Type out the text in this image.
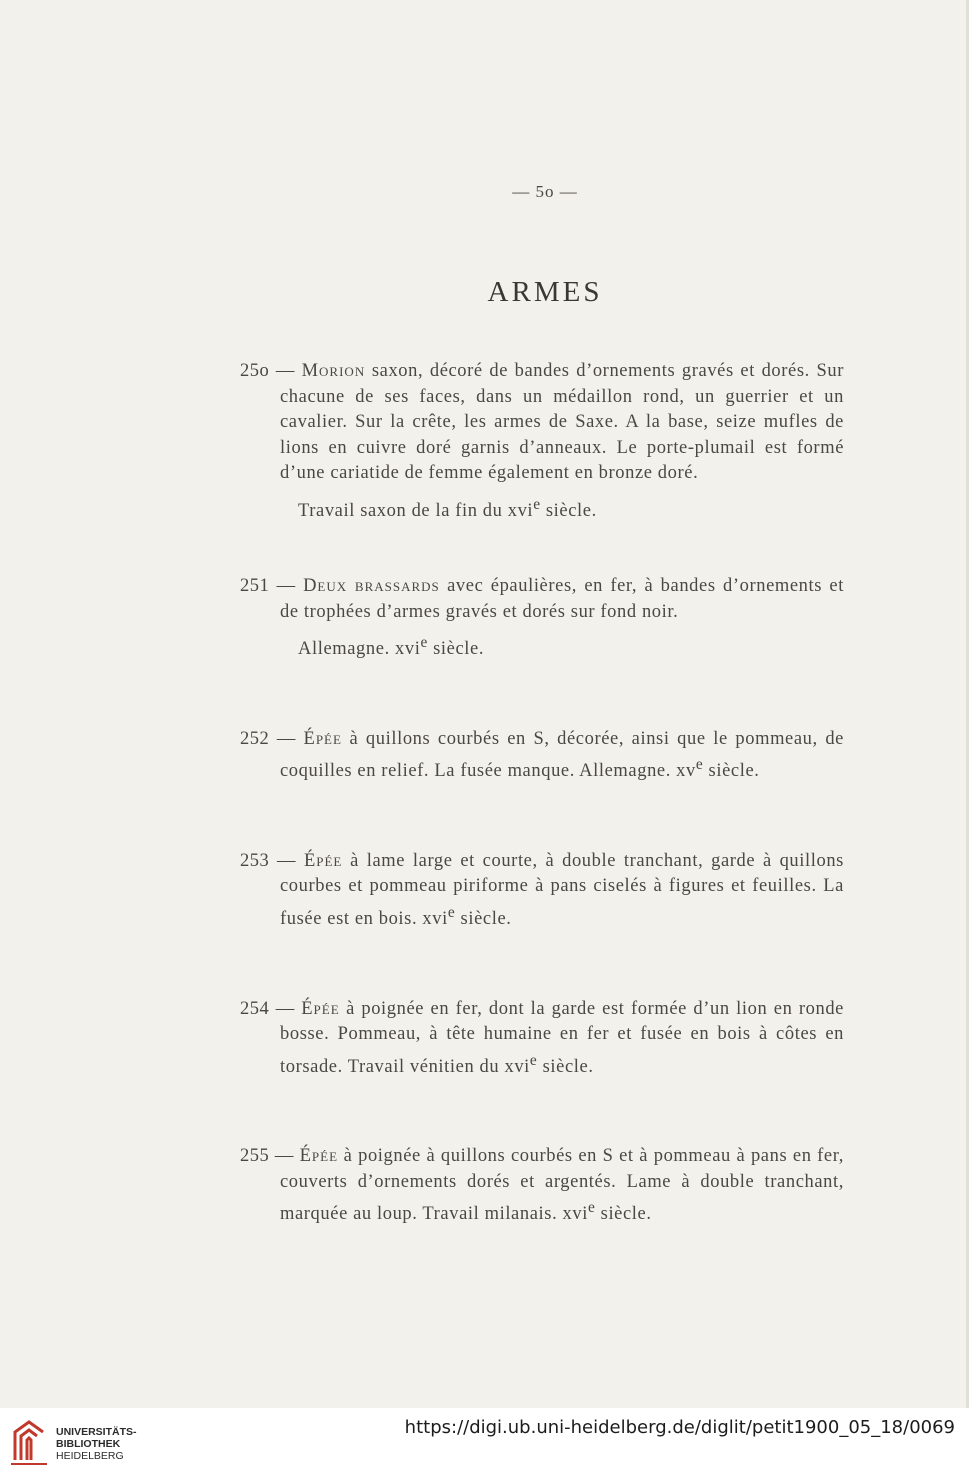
— 5o —
ARMES

25o — Morion saxon, décoré de bandes d’ornements gravés et dorés. Sur chacune de ses faces, dans un médaillon rond, un guerrier et un cavalier. Sur la crête, les armes de Saxe. A la base, seize mufles de lions en cuivre doré garnis d’anneaux. Le porte-plumail est formé d’une cariatide de femme également en bronze doré.
Travail saxon de la fin du xvi$^e$ siècle.

251 — Deux brassards avec épaulières, en fer, à bandes d’ornements et de trophées d’armes gravés et dorés sur fond noir.
Allemagne. xvi$^e$ siècle.

252 — Épée à quillons courbés en S, décorée, ainsi que le pommeau, de coquilles en relief. La fusée manque. Allemagne. $xv^e$ siècle.

253 — Épée à lame large et courte, à double tranchant, garde à quillons courbes et pommeau piriforme à pans ciselés à figures et feuilles. La fusée est en bois. xvi$^e$ siècle.

254 — Épée à poignée en fer, dont la garde est formée d’un lion en ronde bosse. Pommeau, à tête humaine en fer et fusée en bois à côtes en torsade. Travail vénitien du xvi$^e$ siècle.

255 — Épée à poignée à quillons courbés en S et à pommeau à pans en fer, couverts d’ornements dorés et argentés. Lame à double tranchant, marquée au loup. Travail milanais. xvi$^e$ siècle.

UNIVERSITÄTS-
BIBLIOTHEK
HEIDELBERG
https://digi.ub.uni-heidelberg.de/diglit/petit1900_05_18/0069
